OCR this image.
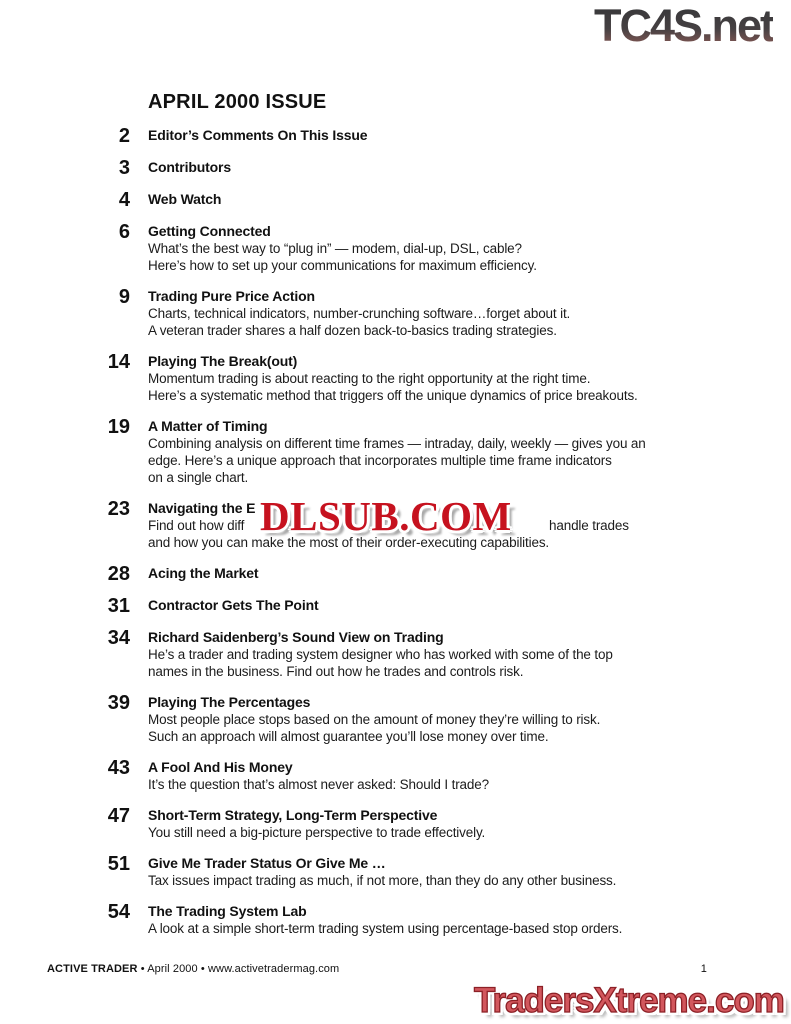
TC4S.net
APRIL 2000 ISSUE
2	Editor’s Comments On This Issue
3	Contributors
4	Web Watch
6	Getting Connected
What’s the best way to “plug in” — modem, dial-up, DSL, cable?
Here’s how to set up your communications for maximum efficiency.
9	Trading Pure Price Action
Charts, technical indicators, number-crunching software…forget about it.
A veteran trader shares a half dozen back-to-basics trading strategies.
14	Playing The Break(out)
Momentum trading is about reacting to the right opportunity at the right time.
Here’s a systematic method that triggers off the unique dynamics of price breakouts.
19	A Matter of Timing
Combining analysis on different time frames — intraday, daily, weekly — gives you an
edge. Here’s a unique approach that incorporates multiple time frame indicators
on a single chart.
23	Navigating the E
Find out how diff	handle trades
and how you can make the most of their order-executing capabilities.
DLSUB.COM
28	Acing the Market
31	Contractor Gets The Point
34	Richard Saidenberg’s Sound View on Trading
He’s a trader and trading system designer who has worked with some of the top
names in the business. Find out how he trades and controls risk.
39	Playing The Percentages
Most people place stops based on the amount of money they’re willing to risk.
Such an approach will almost guarantee you’ll lose money over time.
43	A Fool And His Money
It’s the question that’s almost never asked: Should I trade?
47	Short-Term Strategy, Long-Term Perspective
You still need a big-picture perspective to trade effectively.
51	Give Me Trader Status Or Give Me …
Tax issues impact trading as much, if not more, than they do any other business.
54	The Trading System Lab
A look at a simple short-term trading system using percentage-based stop orders.
ACTIVE TRADER • April 2000 • www.activetradermag.com	1
TradersXtreme.com
